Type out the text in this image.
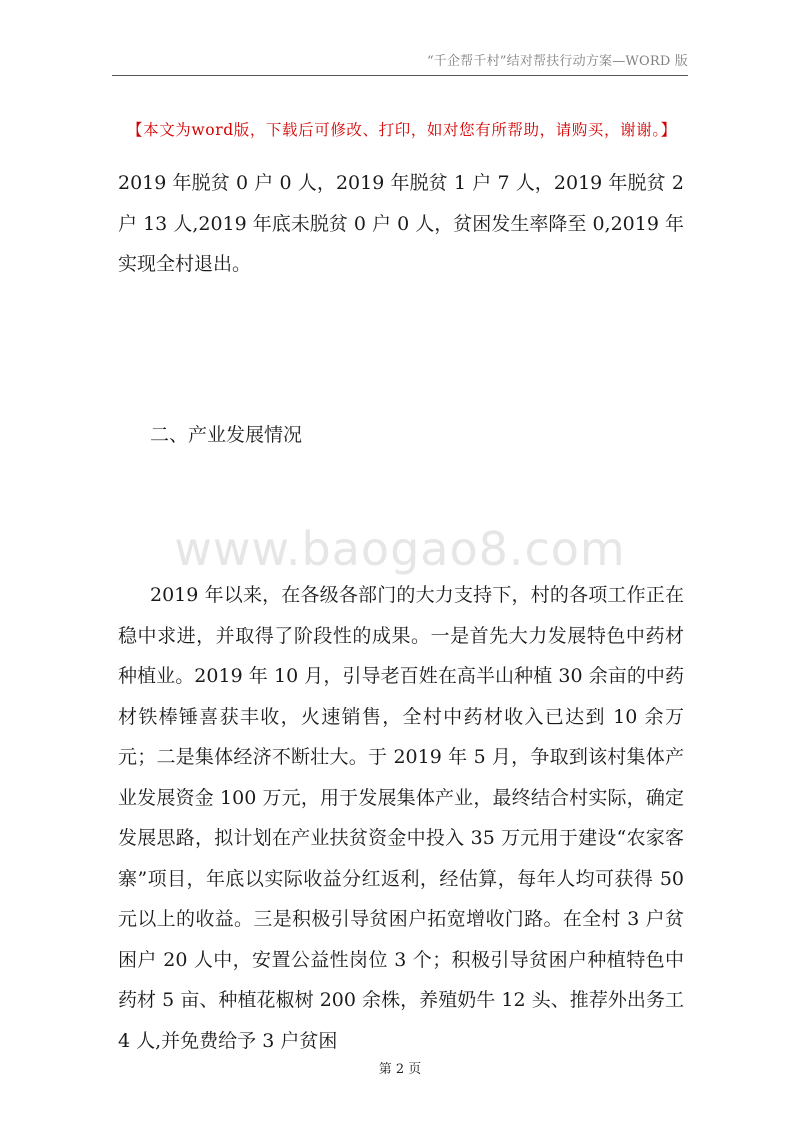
“千企帮千村”结对帮扶行动方案—WORD 版
【本文为word版，下载后可修改、打印，如对您有所帮助，请购买，谢谢。】
2019 年脱贫 0 户 0 人，2019 年脱贫 1 户 7 人，2019 年脱贫 2 户 13 人,2019 年底未脱贫 0 户 0 人，贫困发生率降至 0,2019 年实现全村退出。
二、产业发展情况
www.baogao8.com
2019 年以来，在各级各部门的大力支持下，村的各项工作正在稳中求进，并取得了阶段性的成果。一是首先大力发展特色中药材种植业。2019 年 10 月，引导老百姓在高半山种植 30 余亩的中药材铁棒锤喜获丰收，火速销售，全村中药材收入已达到 10 余万元；二是集体经济不断壮大。于 2019 年 5 月，争取到该村集体产业发展资金 100 万元，用于发展集体产业，最终结合村实际，确定发展思路，拟计划在产业扶贫资金中投入 35 万元用于建设“农家客寨”项目，年底以实际收益分红返利，经估算，每年人均可获得 50 元以上的收益。三是积极引导贫困户拓宽增收门路。在全村 3 户贫困户 20 人中，安置公益性岗位 3 个；积极引导贫困户种植特色中药材 5 亩、种植花椒树 200 余株，养殖奶牛 12 头、推荐外出务工 4 人,并免费给予 3 户贫困
第 2 页
